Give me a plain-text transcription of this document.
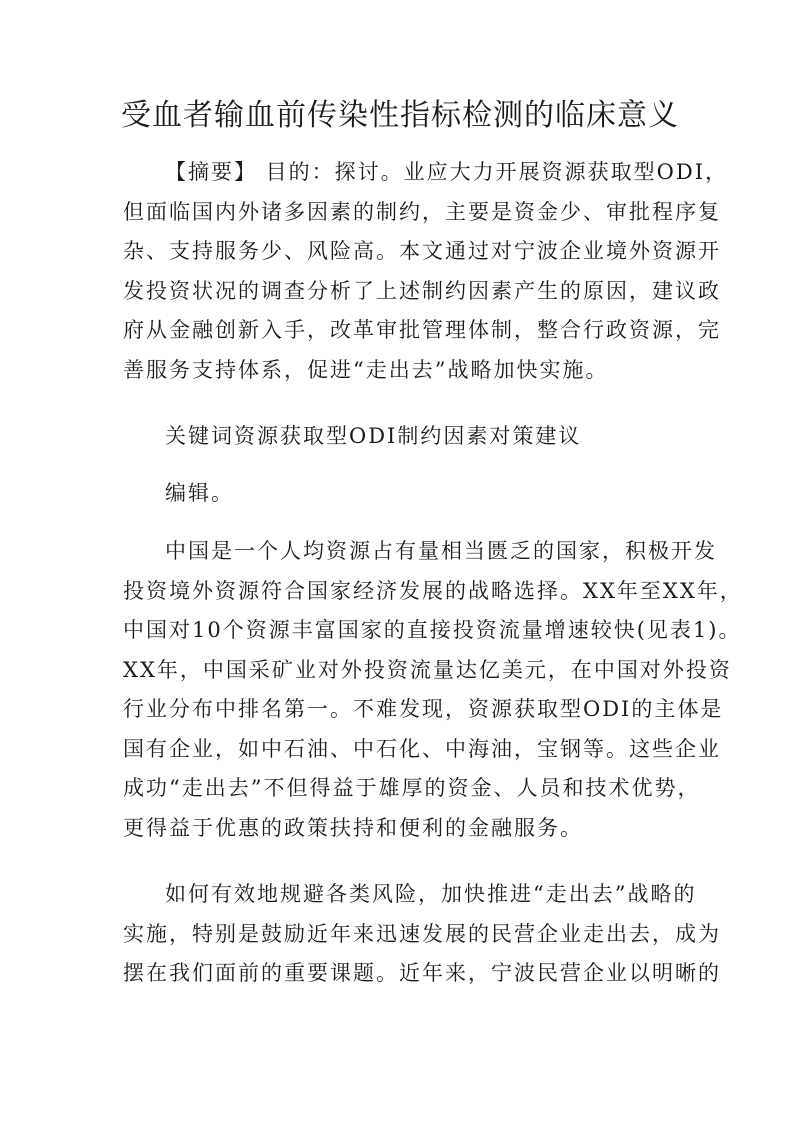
受血者输血前传染性指标检测的临床意义
【摘要】 目的：探讨。业应大力开展资源获取型ODI，
但面临国内外诸多因素的制约，主要是资金少、审批程序复
杂、支持服务少、风险高。本文通过对宁波企业境外资源开
发投资状况的调查分析了上述制约因素产生的原因，建议政
府从金融创新入手，改革审批管理体制，整合行政资源，完
善服务支持体系，促进“走出去”战略加快实施。
关键词资源获取型ODI制约因素对策建议
编辑。
中国是一个人均资源占有量相当匮乏的国家，积极开发
投资境外资源符合国家经济发展的战略选择。XX年至XX年，
中国对10个资源丰富国家的直接投资流量增速较快(见表1)。
XX年，中国采矿业对外投资流量达亿美元，在中国对外投资
行业分布中排名第一。不难发现，资源获取型ODI的主体是
国有企业，如中石油、中石化、中海油，宝钢等。这些企业
成功“走出去”不但得益于雄厚的资金、人员和技术优势，
更得益于优惠的政策扶持和便利的金融服务。
如何有效地规避各类风险，加快推进“走出去”战略的
实施，特别是鼓励近年来迅速发展的民营企业走出去，成为
摆在我们面前的重要课题。近年来，宁波民营企业以明晰的
